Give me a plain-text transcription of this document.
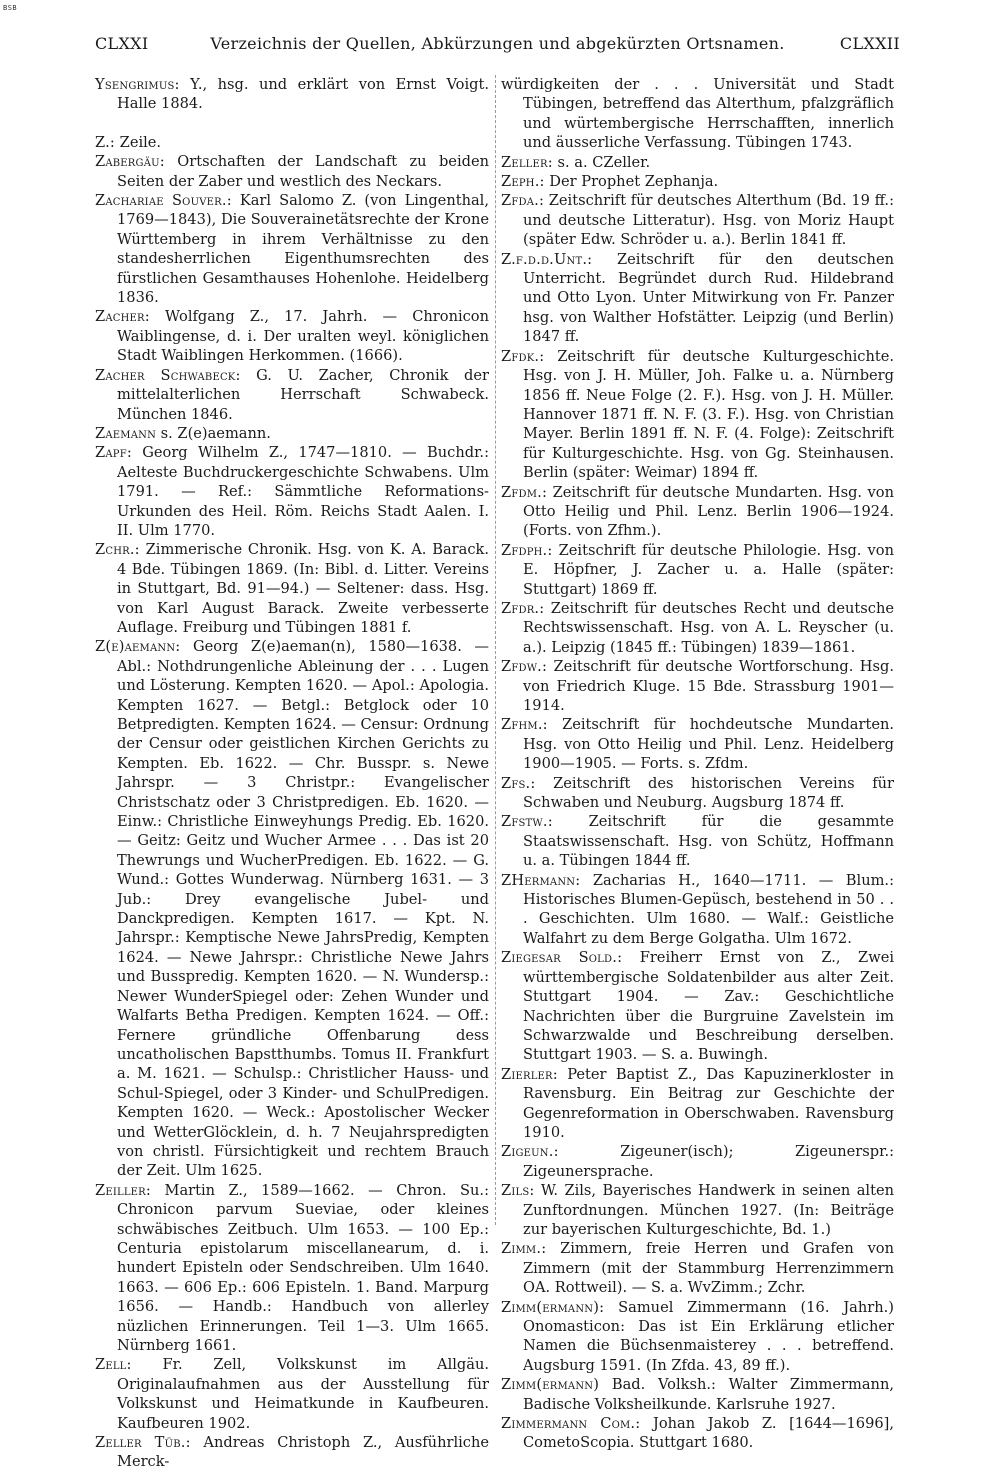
BSB
CLXXI	Verzeichnis der Quellen, Abkürzungen und abgekürzten Ortsnamen.	CLXXII

Ysengrimus: Y., hsg. und erklärt von Ernst Voigt. Halle 1884.

Z.: Zeile.

Zabergäu: Ortschaften der Landschaft zu beiden Seiten der Zaber und westlich des Neckars.

Zachariae Souver.: Karl Salomo Z. (von Lingenthal, 1769—1843), Die Souverainetätsrechte der Krone Württemberg in ihrem Verhältnisse zu den standesherrlichen Eigenthumsrechten des fürstlichen Gesamthauses Hohenlohe. Heidelberg 1836.

Zacher: Wolfgang Z., 17. Jahrh. — Chronicon Waiblingense, d. i. Der uralten weyl. königlichen Stadt Waiblingen Herkommen. (1666).

Zacher Schwabeck: G. U. Zacher, Chronik der mittelalterlichen Herrschaft Schwabeck. München 1846.

Zaemann s. Z(e)aemann.

Zapf: Georg Wilhelm Z., 1747—1810. — Buchdr.: Aelteste Buchdruckergeschichte Schwabens. Ulm 1791. — Ref.: Sämmtliche Reformations-Urkunden des Heil. Röm. Reichs Stadt Aalen. I. II. Ulm 1770.

Zchr.: Zimmerische Chronik. Hsg. von K. A. Barack. 4 Bde. Tübingen 1869. (In: Bibl. d. Litter. Vereins in Stuttgart, Bd. 91—94.) — Seltener: dass. Hsg. von Karl August Barack. Zweite verbesserte Auflage. Freiburg und Tübingen 1881 f.

Z(e)aemann: Georg Z(e)aeman(n), 1580—1638. — Abl.: Nothdrungenliche Ableinung der . . . Lugen und Lösterung. Kempten 1620. — Apol.: Apologia. Kempten 1627. — Betgl.: Betglock oder 10 Betpredigten. Kempten 1624. — Censur: Ordnung der Censur oder geistlichen Kirchen Gerichts zu Kempten. Eb. 1622. — Chr. Busspr. s. Newe Jahrspr. — 3 Christpr.: Evangelischer Christschatz oder 3 Christpredigen. Eb. 1620. — Einw.: Christliche Einweyhungs Predig. Eb. 1620. — Geitz: Geitz und Wucher Armee . . . Das ist 20 Thewrungs und WucherPredigen. Eb. 1622. — G. Wund.: Gottes Wunderwag. Nürnberg 1631. — 3 Jub.: Drey evangelische Jubel- und Danckpredigen. Kempten 1617. — Kpt. N. Jahrspr.: Kemptische Newe JahrsPredig, Kempten 1624. — Newe Jahrspr.: Christliche Newe Jahrs und Busspredig. Kempten 1620. — N. Wundersp.: Newer WunderSpiegel oder: Zehen Wunder und Walfarts Betha Predigen. Kempten 1624. — Off.: Fernere gründliche Offenbarung dess uncatholischen Bapstthumbs. Tomus II. Frankfurt a. M. 1621. — Schulsp.: Christlicher Hauss- und Schul-Spiegel, oder 3 Kinder- und SchulPredigen. Kempten 1620. — Weck.: Apostolischer Wecker und WetterGlöcklein, d. h. 7 Neujahrspredigten von christl. Fürsichtigkeit und rechtem Brauch der Zeit. Ulm 1625.

Zeiller: Martin Z., 1589—1662. — Chron. Su.: Chronicon parvum Sueviae, oder kleines schwäbisches Zeitbuch. Ulm 1653. — 100 Ep.: Centuria epistolarum miscellanearum, d. i. hundert Episteln oder Sendschreiben. Ulm 1640. 1663. — 606 Ep.: 606 Episteln. 1. Band. Marpurg 1656. — Handb.: Handbuch von allerley nüzlichen Erinnerungen. Teil 1—3. Ulm 1665. Nürnberg 1661.

Zell: Fr. Zell, Volkskunst im Allgäu. Originalaufnahmen aus der Ausstellung für Volkskunst und Heimatkunde in Kaufbeuren. Kaufbeuren 1902.

Zeller Tüb.: Andreas Christoph Z., Ausführliche Merck-

würdigkeiten der . . . Universität und Stadt Tübingen, betreffend das Alterthum, pfalzgräflich und würtembergische Herrschafften, innerlich und äusserliche Verfassung. Tübingen 1743.

Zeller: s. a. CZeller.

Zeph.: Der Prophet Zephanja.

Zfda.: Zeitschrift für deutsches Alterthum (Bd. 19 ff.: und deutsche Litteratur). Hsg. von Moriz Haupt (später Edw. Schröder u. a.). Berlin 1841 ff.

Z.f.d.d.Unt.: Zeitschrift für den deutschen Unterricht. Begründet durch Rud. Hildebrand und Otto Lyon. Unter Mitwirkung von Fr. Panzer hsg. von Walther Hofstätter. Leipzig (und Berlin) 1847 ff.

Zfdk.: Zeitschrift für deutsche Kulturgeschichte. Hsg. von J. H. Müller, Joh. Falke u. a. Nürnberg 1856 ff. Neue Folge (2. F.). Hsg. von J. H. Müller. Hannover 1871 ff. N. F. (3. F.). Hsg. von Christian Mayer. Berlin 1891 ff. N. F. (4. Folge): Zeitschrift für Kulturgeschichte. Hsg. von Gg. Steinhausen. Berlin (später: Weimar) 1894 ff.

Zfdm.: Zeitschrift für deutsche Mundarten. Hsg. von Otto Heilig und Phil. Lenz. Berlin 1906—1924. (Forts. von Zfhm.).

Zfdph.: Zeitschrift für deutsche Philologie. Hsg. von E. Höpfner, J. Zacher u. a. Halle (später: Stuttgart) 1869 ff.

Zfdr.: Zeitschrift für deutsches Recht und deutsche Rechtswissenschaft. Hsg. von A. L. Reyscher (u. a.). Leipzig (1845 ff.: Tübingen) 1839—1861.

Zfdw.: Zeitschrift für deutsche Wortforschung. Hsg. von Friedrich Kluge. 15 Bde. Strassburg 1901—1914.

Zfhm.: Zeitschrift für hochdeutsche Mundarten. Hsg. von Otto Heilig und Phil. Lenz. Heidelberg 1900—1905. — Forts. s. Zfdm.

Zfs.: Zeitschrift des historischen Vereins für Schwaben und Neuburg. Augsburg 1874 ff.

Zfstw.: Zeitschrift für die gesammte Staatswissenschaft. Hsg. von Schütz, Hoffmann u. a. Tübingen 1844 ff.

ZHermann: Zacharias H., 1640—1711. — Blum.: Historisches Blumen-Gepüsch, bestehend in 50 . . . Geschichten. Ulm 1680. — Walf.: Geistliche Walfahrt zu dem Berge Golgatha. Ulm 1672.

Ziegesar Sold.: Freiherr Ernst von Z., Zwei württembergische Soldatenbilder aus alter Zeit. Stuttgart 1904. — Zav.: Geschichtliche Nachrichten über die Burgruine Zavelstein im Schwarzwalde und Beschreibung derselben. Stuttgart 1903. — S. a. Buwingh.

Zierler: Peter Baptist Z., Das Kapuzinerkloster in Ravensburg. Ein Beitrag zur Geschichte der Gegenreformation in Oberschwaben. Ravensburg 1910.

Zigeun.: Zigeuner(isch); Zigeunerspr.: Zigeunersprache.

Zils: W. Zils, Bayerisches Handwerk in seinen alten Zunftordnungen. München 1927. (In: Beiträge zur bayerischen Kulturgeschichte, Bd. 1.)

Zimm.: Zimmern, freie Herren und Grafen von Zimmern (mit der Stammburg Herrenzimmern OA. Rottweil). — S. a. WvZimm.; Zchr.

Zimm(ermann): Samuel Zimmermann (16. Jahrh.) Onomasticon: Das ist Ein Erklärung etlicher Namen die Büchsenmaisterey . . . betreffend. Augsburg 1591. (In Zfda. 43, 89 ff.).

Zimm(ermann) Bad. Volksh.: Walter Zimmermann, Badische Volksheilkunde. Karlsruhe 1927.

Zimmermann Com.: Johan Jakob Z. [1644—1696], CometoScopia. Stuttgart 1680.
